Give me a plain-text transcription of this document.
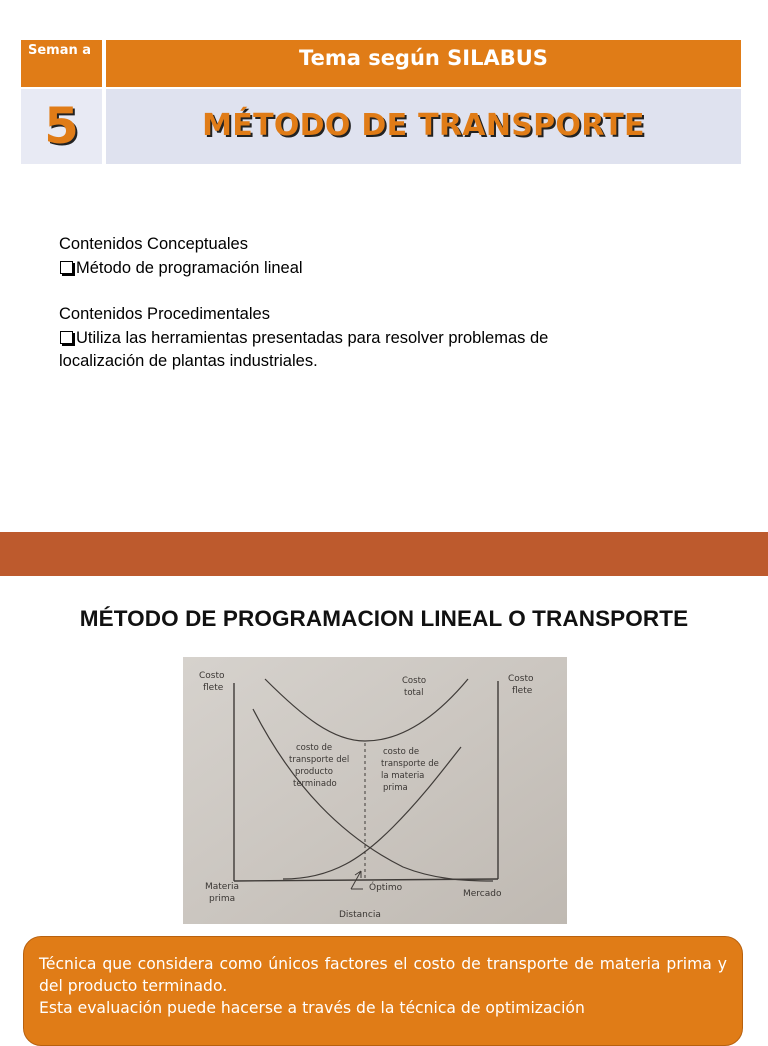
Seman a	Tema según SILABUS
5	MÉTODO DE TRANSPORTE

Contenidos Conceptuales

Método de programación lineal

Contenidos Procedimentales

Utiliza las herramientas presentadas para resolver problemas de

localización de plantas industriales.

MÉTODO DE PROGRAMACION LINEAL O TRANSPORTE
Costo
flete
Costo
flete
Costo
total
costo de
transporte del
producto
terminado
costo de
transporte de
la materia
prima
Materia
prima
Óptimo
Mercado
Distancia

Técnica que considera como únicos factores el costo de transporte de materia prima y del producto terminado.

Esta evaluación puede hacerse a través de la técnica de optimización
